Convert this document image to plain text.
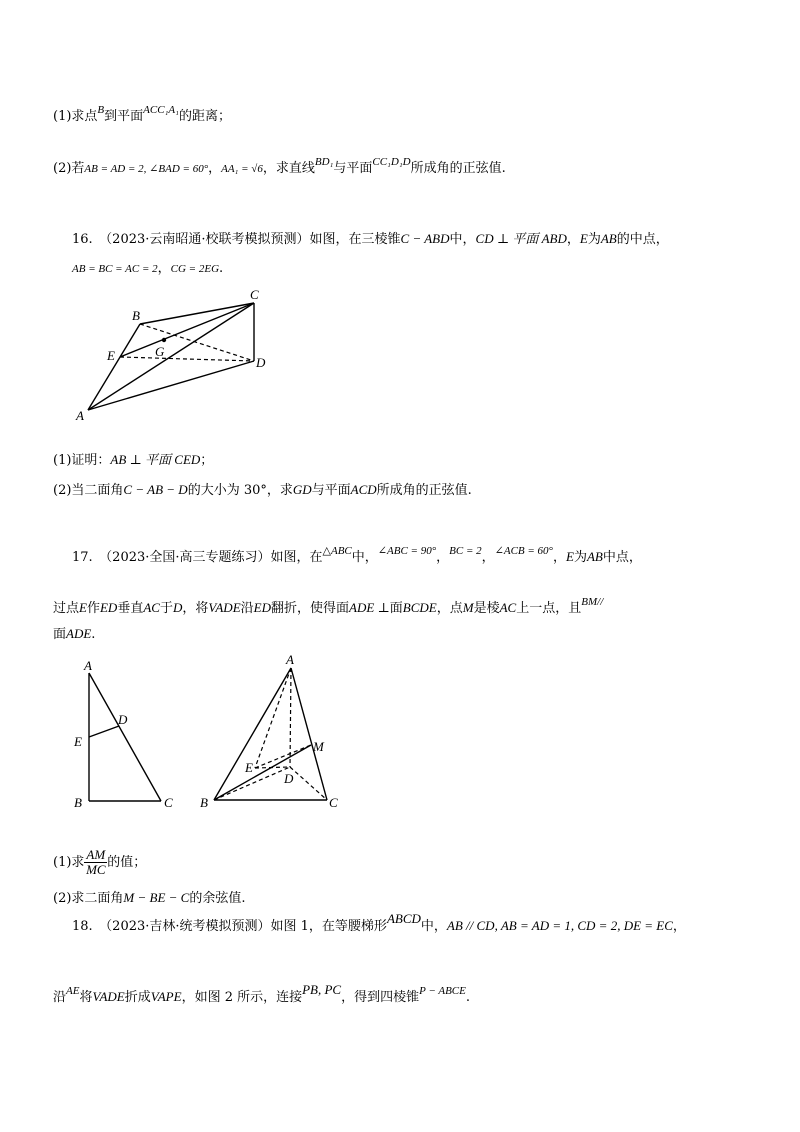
(1)求点$^B$到平面$^{ACC_1A_1}$的距离；
(2)若AB = AD = 2, ∠BAD = 60°，AA₁ = √6，求直线$^{BD_1}$与平面$^{CC_1D_1D}$所成角的正弦值.
16.　（2023·云南昭通·校联考模拟预测）如图，在三棱锥C − ABD中，CD ⊥ 平面 ABD，E为AB的中点，
AB = BC = AC = 2，CG = 2EG.
B
C
E	G
D
A
(1)证明：AB ⊥ 平面 CED；
(2)当二面角C − AB − D的大小为 30°，求GD与平面ACD所成角的正弦值.
17.　（2023·全国·高三专题练习）如图，在$^{\triangle ABC}$中，$^{\angle ABC = 90^\circ}$，$^{BC = 2}$，$^{\angle ACB = 60^\circ}$，E为AB中点，
过点E作ED垂直AC于D，将VADE沿ED翻折，使得面ADE ⊥面BCDE，点M是棱AC上一点，且$^{BM//}$
面ADE.
A
D
E
B	C
A
M
E
D
B	C
(1)求 $\frac{AM}{MC}$ 的值；
(2)求二面角M − BE − C的余弦值.
18.　（2023·吉林·统考模拟预测）如图 1，在等腰梯形ABCD中，AB // CD, AB = AD = 1, CD = 2, DE = EC，
沿$^{AE}$将VADE折成VAPE，如图 2 所示，连接PB, PC，得到四棱锥$^{P - ABCE}$.
